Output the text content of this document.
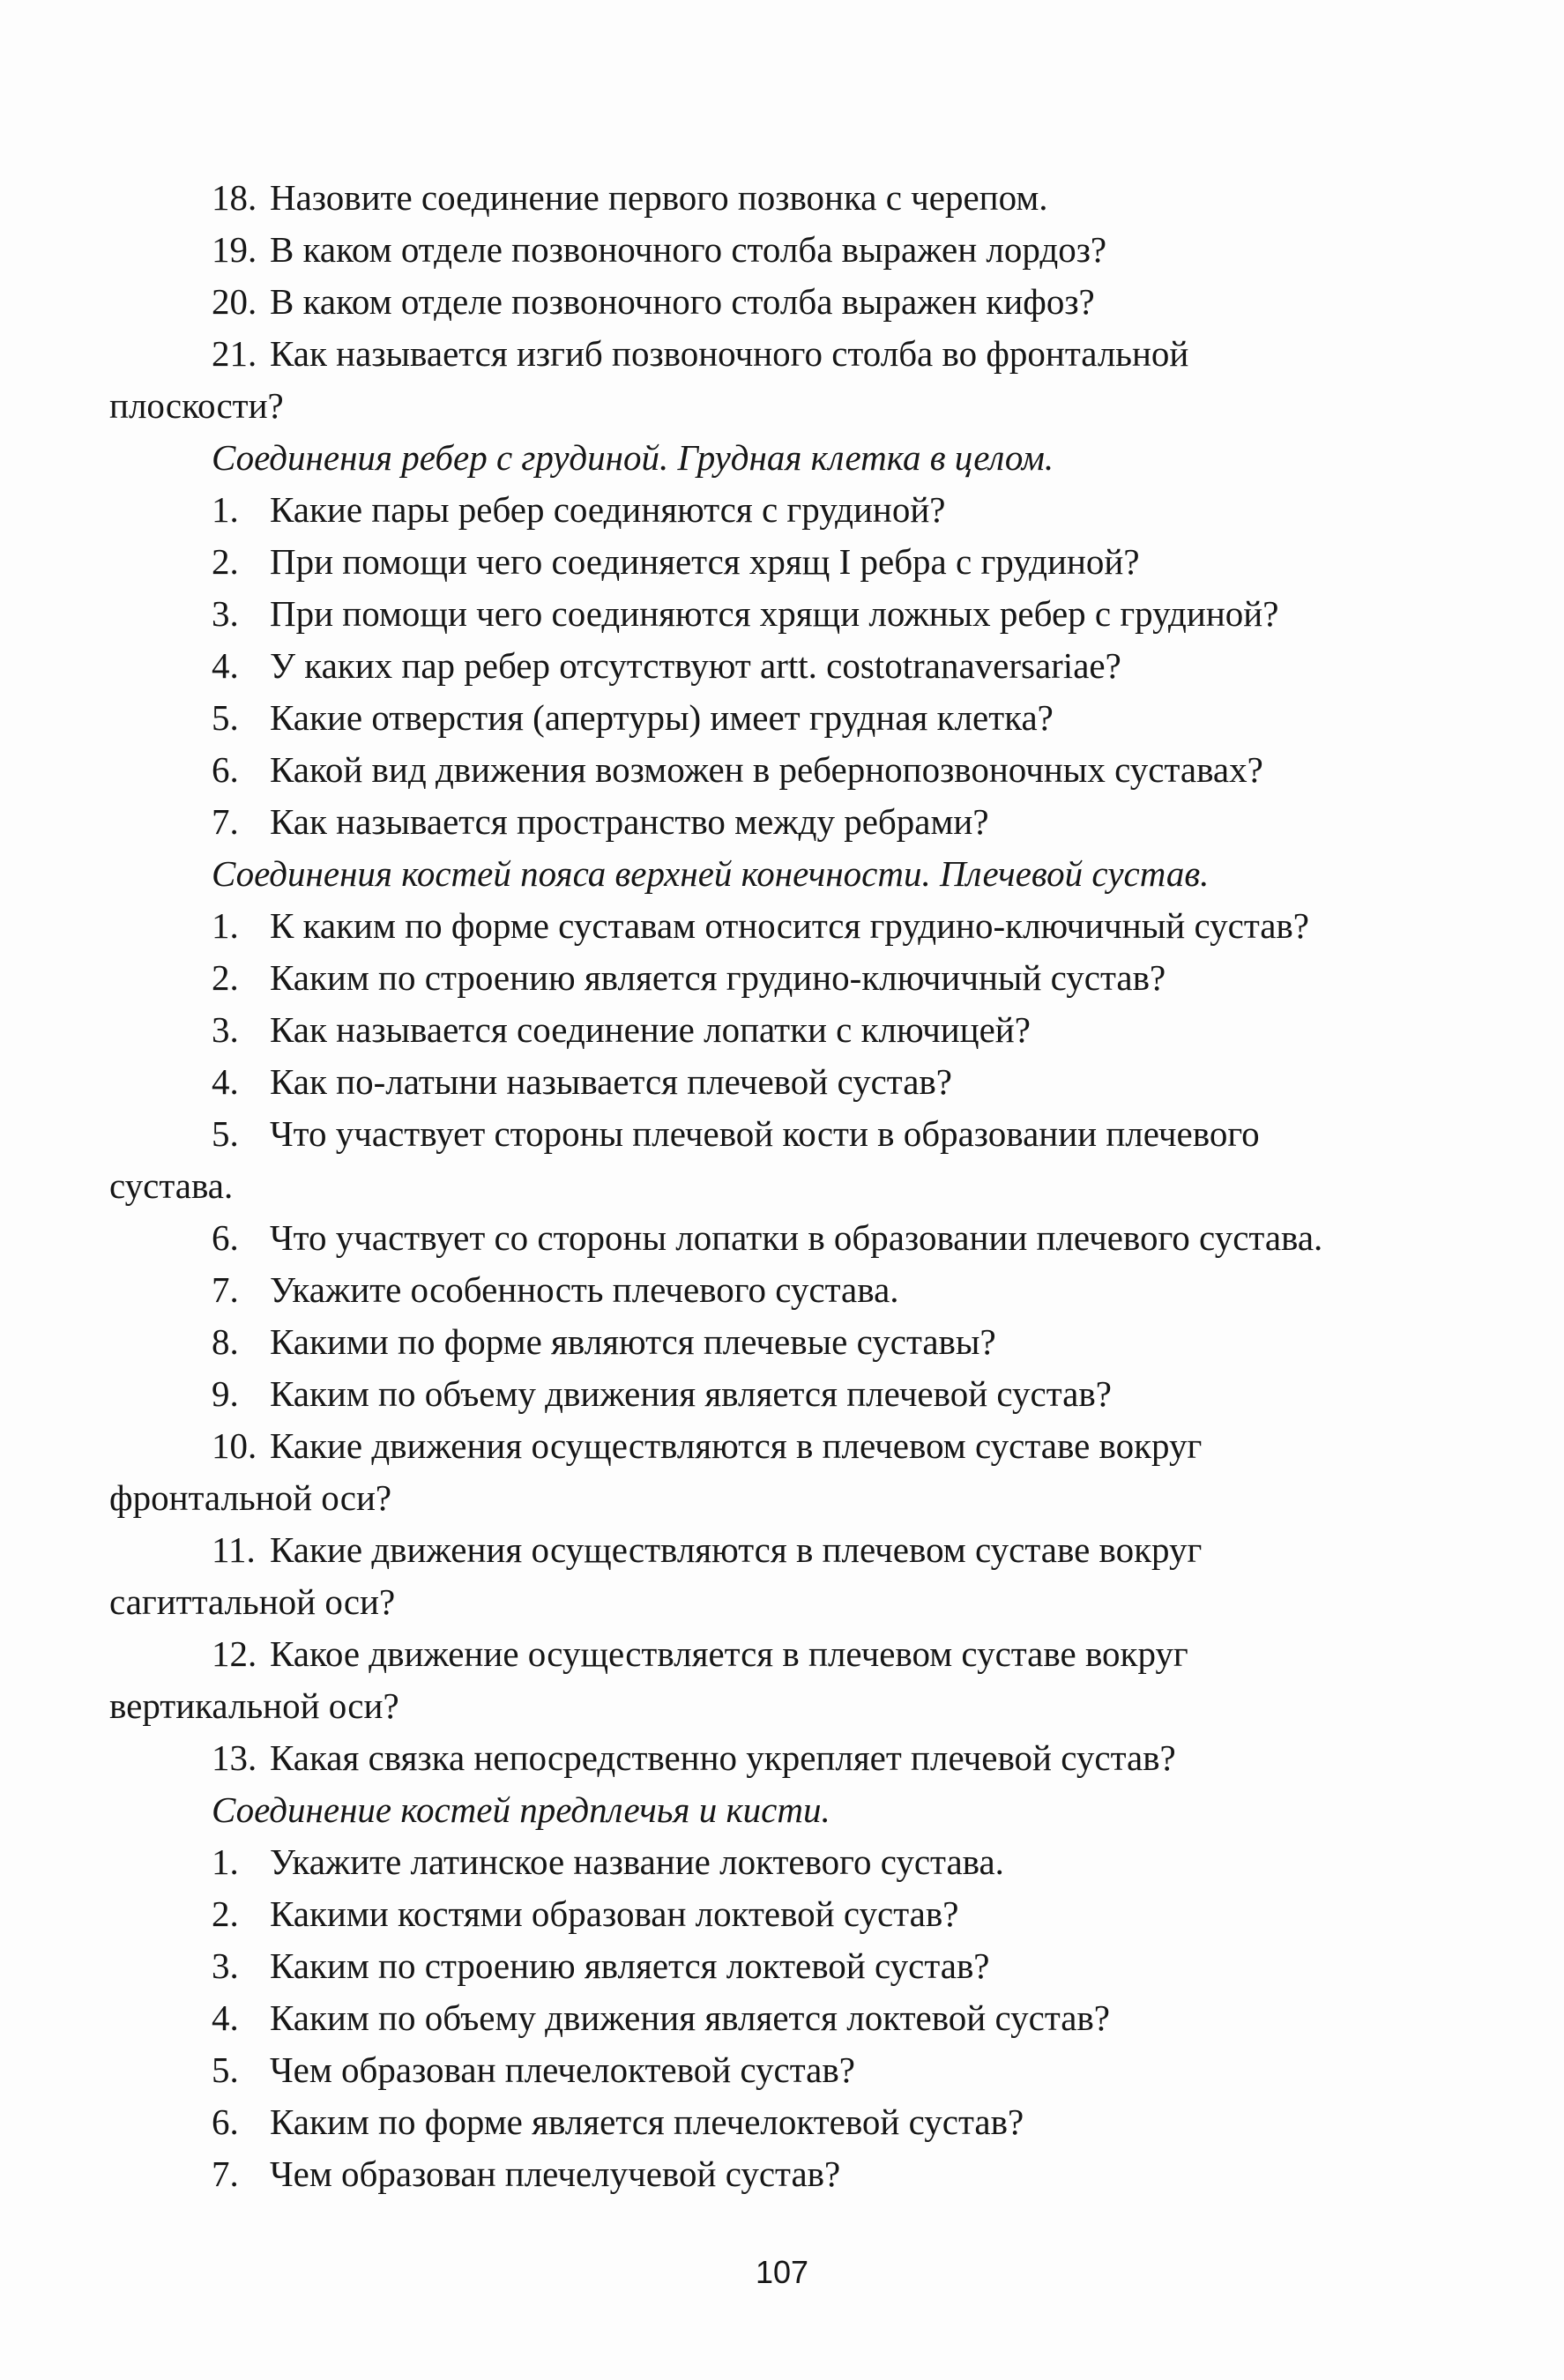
18. Назовите соединение первого позвонка с черепом.
19. В каком отделе позвоночного столба выражен лордоз?
20. В каком отделе позвоночного столба выражен кифоз?
21. Как называется изгиб позвоночного столба во фронтальной
плоскости?
Соединения ребер с грудиной. Грудная клетка в целом.
1. Какие пары ребер соединяются с грудиной?
2. При помощи чего соединяется хрящ I ребра с грудиной?
3. При помощи чего соединяются хрящи ложных ребер с грудиной?
4. У каких пар ребер отсутствуют artt. costotranaversariae?
5. Какие отверстия (апертуры) имеет грудная клетка?
6. Какой вид движения возможен в ребернопозвоночных суставах?
7. Как называется пространство между ребрами?
Соединения костей пояса верхней конечности. Плечевой сустав.
1. К каким по форме суставам относится грудино-ключичный сустав?
2. Каким по строению является грудино-ключичный сустав?
3. Как называется соединение лопатки с ключицей?
4. Как по-латыни называется плечевой сустав?
5. Что участвует стороны плечевой кости в образовании плечевого
сустава.
6. Что участвует со стороны лопатки в образовании плечевого сустава.
7. Укажите особенность плечевого сустава.
8. Какими по форме являются плечевые суставы?
9. Каким по объему движения является плечевой сустав?
10. Какие движения осуществляются в плечевом суставе вокруг
фронтальной оси?
11. Какие движения осуществляются в плечевом суставе вокруг
сагиттальной оси?
12. Какое движение осуществляется в плечевом суставе вокруг
вертикальной оси?
13. Какая связка непосредственно укрепляет плечевой сустав?
Соединение костей предплечья и кисти.
1. Укажите латинское название локтевого сустава.
2. Какими костями образован локтевой сустав?
3. Каким по строению является локтевой сустав?
4. Каким по объему движения является локтевой сустав?
5. Чем образован плечелоктевой сустав?
6. Каким по форме является плечелоктевой сустав?
7. Чем образован плечелучевой сустав?
107
